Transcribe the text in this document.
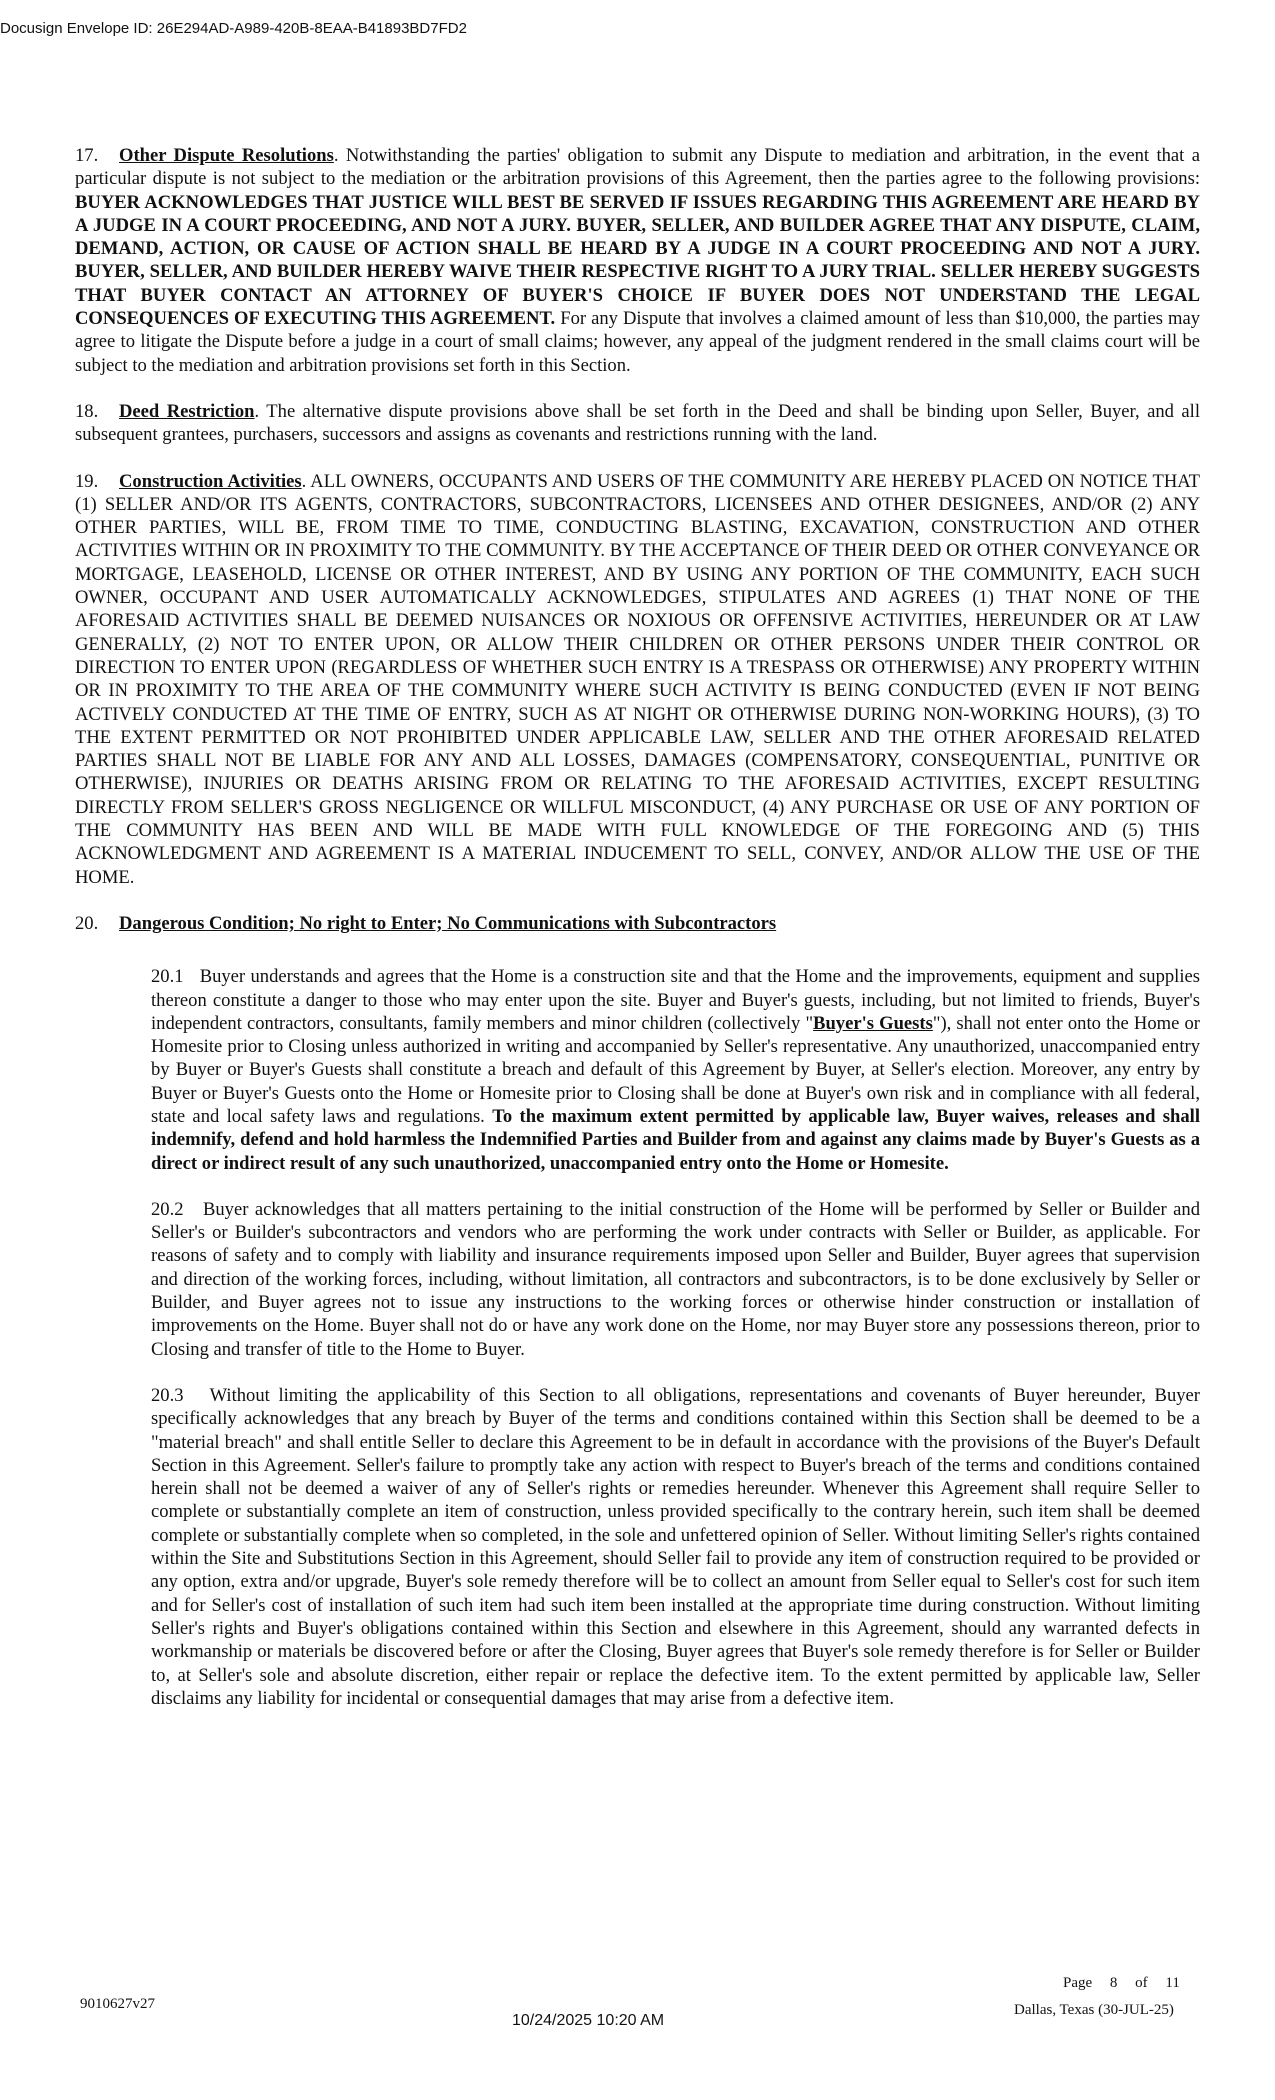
Docusign Envelope ID: 26E294AD-A989-420B-8EAA-B41893BD7FD2

17. Other Dispute Resolutions. Notwithstanding the parties' obligation to submit any Dispute to mediation and arbitration, in the event that a particular dispute is not subject to the mediation or the arbitration provisions of this Agreement, then the parties agree to the following provisions: BUYER ACKNOWLEDGES THAT JUSTICE WILL BEST BE SERVED IF ISSUES REGARDING THIS AGREEMENT ARE HEARD BY A JUDGE IN A COURT PROCEEDING, AND NOT A JURY. BUYER, SELLER, AND BUILDER AGREE THAT ANY DISPUTE, CLAIM, DEMAND, ACTION, OR CAUSE OF ACTION SHALL BE HEARD BY A JUDGE IN A COURT PROCEEDING AND NOT A JURY. BUYER, SELLER, AND BUILDER HEREBY WAIVE THEIR RESPECTIVE RIGHT TO A JURY TRIAL. SELLER HEREBY SUGGESTS THAT BUYER CONTACT AN ATTORNEY OF BUYER'S CHOICE IF BUYER DOES NOT UNDERSTAND THE LEGAL CONSEQUENCES OF EXECUTING THIS AGREEMENT. For any Dispute that involves a claimed amount of less than $10,000, the parties may agree to litigate the Dispute before a judge in a court of small claims; however, any appeal of the judgment rendered in the small claims court will be subject to the mediation and arbitration provisions set forth in this Section.

18. Deed Restriction. The alternative dispute provisions above shall be set forth in the Deed and shall be binding upon Seller, Buyer, and all subsequent grantees, purchasers, successors and assigns as covenants and restrictions running with the land.

19. Construction Activities. ALL OWNERS, OCCUPANTS AND USERS OF THE COMMUNITY ARE HEREBY PLACED ON NOTICE THAT (1) SELLER AND/OR ITS AGENTS, CONTRACTORS, SUBCONTRACTORS, LICENSEES AND OTHER DESIGNEES, AND/OR (2) ANY OTHER PARTIES, WILL BE, FROM TIME TO TIME, CONDUCTING BLASTING, EXCAVATION, CONSTRUCTION AND OTHER ACTIVITIES WITHIN OR IN PROXIMITY TO THE COMMUNITY. BY THE ACCEPTANCE OF THEIR DEED OR OTHER CONVEYANCE OR MORTGAGE, LEASEHOLD, LICENSE OR OTHER INTEREST, AND BY USING ANY PORTION OF THE COMMUNITY, EACH SUCH OWNER, OCCUPANT AND USER AUTOMATICALLY ACKNOWLEDGES, STIPULATES AND AGREES (1) THAT NONE OF THE AFORESAID ACTIVITIES SHALL BE DEEMED NUISANCES OR NOXIOUS OR OFFENSIVE ACTIVITIES, HEREUNDER OR AT LAW GENERALLY, (2) NOT TO ENTER UPON, OR ALLOW THEIR CHILDREN OR OTHER PERSONS UNDER THEIR CONTROL OR DIRECTION TO ENTER UPON (REGARDLESS OF WHETHER SUCH ENTRY IS A TRESPASS OR OTHERWISE) ANY PROPERTY WITHIN OR IN PROXIMITY TO THE AREA OF THE COMMUNITY WHERE SUCH ACTIVITY IS BEING CONDUCTED (EVEN IF NOT BEING ACTIVELY CONDUCTED AT THE TIME OF ENTRY, SUCH AS AT NIGHT OR OTHERWISE DURING NON-WORKING HOURS), (3) TO THE EXTENT PERMITTED OR NOT PROHIBITED UNDER APPLICABLE LAW, SELLER AND THE OTHER AFORESAID RELATED PARTIES SHALL NOT BE LIABLE FOR ANY AND ALL LOSSES, DAMAGES (COMPENSATORY, CONSEQUENTIAL, PUNITIVE OR OTHERWISE), INJURIES OR DEATHS ARISING FROM OR RELATING TO THE AFORESAID ACTIVITIES, EXCEPT RESULTING DIRECTLY FROM SELLER'S GROSS NEGLIGENCE OR WILLFUL MISCONDUCT, (4) ANY PURCHASE OR USE OF ANY PORTION OF THE COMMUNITY HAS BEEN AND WILL BE MADE WITH FULL KNOWLEDGE OF THE FOREGOING AND (5) THIS ACKNOWLEDGMENT AND AGREEMENT IS A MATERIAL INDUCEMENT TO SELL, CONVEY, AND/OR ALLOW THE USE OF THE HOME.

20. Dangerous Condition; No right to Enter; No Communications with Subcontractors

20.1 Buyer understands and agrees that the Home is a construction site and that the Home and the improvements, equipment and supplies thereon constitute a danger to those who may enter upon the site. Buyer and Buyer's guests, including, but not limited to friends, Buyer's independent contractors, consultants, family members and minor children (collectively "Buyer's Guests"), shall not enter onto the Home or Homesite prior to Closing unless authorized in writing and accompanied by Seller's representative. Any unauthorized, unaccompanied entry by Buyer or Buyer's Guests shall constitute a breach and default of this Agreement by Buyer, at Seller's election. Moreover, any entry by Buyer or Buyer's Guests onto the Home or Homesite prior to Closing shall be done at Buyer's own risk and in compliance with all federal, state and local safety laws and regulations. To the maximum extent permitted by applicable law, Buyer waives, releases and shall indemnify, defend and hold harmless the Indemnified Parties and Builder from and against any claims made by Buyer's Guests as a direct or indirect result of any such unauthorized, unaccompanied entry onto the Home or Homesite.

20.2 Buyer acknowledges that all matters pertaining to the initial construction of the Home will be performed by Seller or Builder and Seller's or Builder's subcontractors and vendors who are performing the work under contracts with Seller or Builder, as applicable. For reasons of safety and to comply with liability and insurance requirements imposed upon Seller and Builder, Buyer agrees that supervision and direction of the working forces, including, without limitation, all contractors and subcontractors, is to be done exclusively by Seller or Builder, and Buyer agrees not to issue any instructions to the working forces or otherwise hinder construction or installation of improvements on the Home. Buyer shall not do or have any work done on the Home, nor may Buyer store any possessions thereon, prior to Closing and transfer of title to the Home to Buyer.

20.3 Without limiting the applicability of this Section to all obligations, representations and covenants of Buyer hereunder, Buyer specifically acknowledges that any breach by Buyer of the terms and conditions contained within this Section shall be deemed to be a "material breach" and shall entitle Seller to declare this Agreement to be in default in accordance with the provisions of the Buyer's Default Section in this Agreement. Seller's failure to promptly take any action with respect to Buyer's breach of the terms and conditions contained herein shall not be deemed a waiver of any of Seller's rights or remedies hereunder. Whenever this Agreement shall require Seller to complete or substantially complete an item of construction, unless provided specifically to the contrary herein, such item shall be deemed complete or substantially complete when so completed, in the sole and unfettered opinion of Seller. Without limiting Seller's rights contained within the Site and Substitutions Section in this Agreement, should Seller fail to provide any item of construction required to be provided or any option, extra and/or upgrade, Buyer's sole remedy therefore will be to collect an amount from Seller equal to Seller's cost for such item and for Seller's cost of installation of such item had such item been installed at the appropriate time during construction. Without limiting Seller's rights and Buyer's obligations contained within this Section and elsewhere in this Agreement, should any warranted defects in workmanship or materials be discovered before or after the Closing, Buyer agrees that Buyer's sole remedy therefore is for Seller or Builder to, at Seller's sole and absolute discretion, either repair or replace the defective item. To the extent permitted by applicable law, Seller disclaims any liability for incidental or consequential damages that may arise from a defective item.

Page 8 of 11
9010627v27	Dallas, Texas (30-JUL-25)
10/24/2025 10:20 AM
